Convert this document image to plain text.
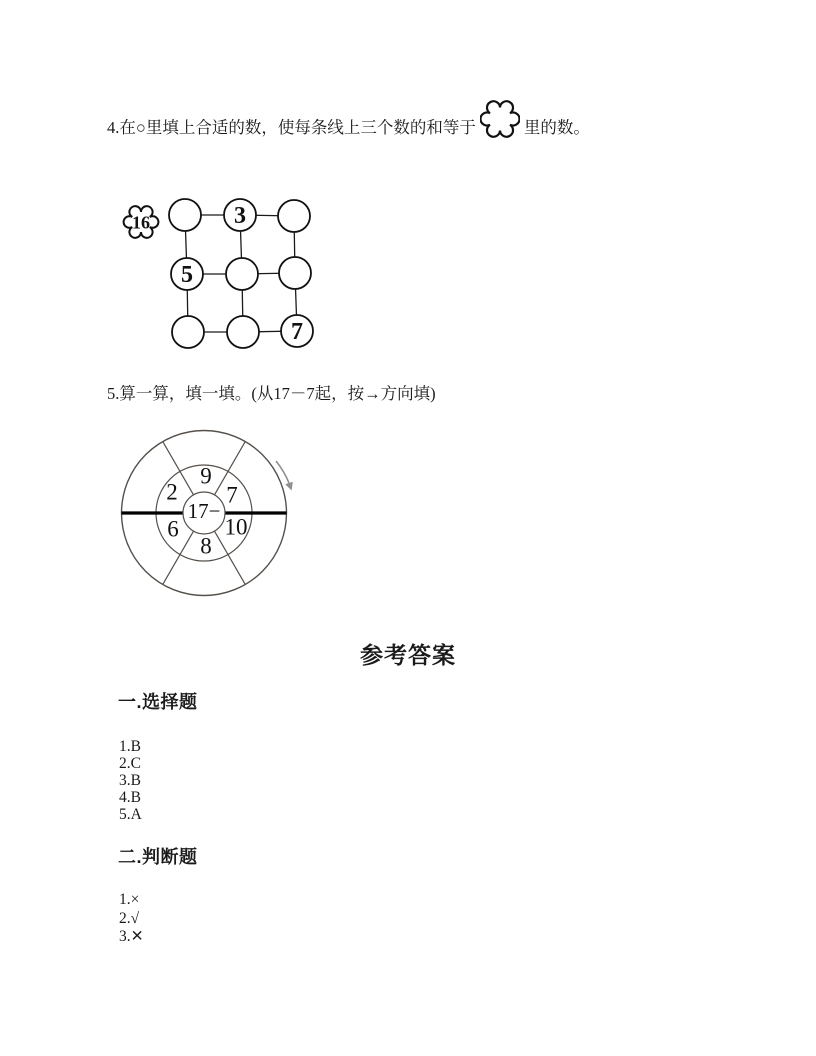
4.在○里填上合适的数，使每条线上三个数的和等于	里的数。
16	3
5
7
5.算一算，填一填。(从17－7起，按→方向填)
17−
9
2 7
6 10
8
参考答案
一.选择题
1.B
2.C
3.B
4.B
5.A
二.判断题
1.×
2.√
3.✕
